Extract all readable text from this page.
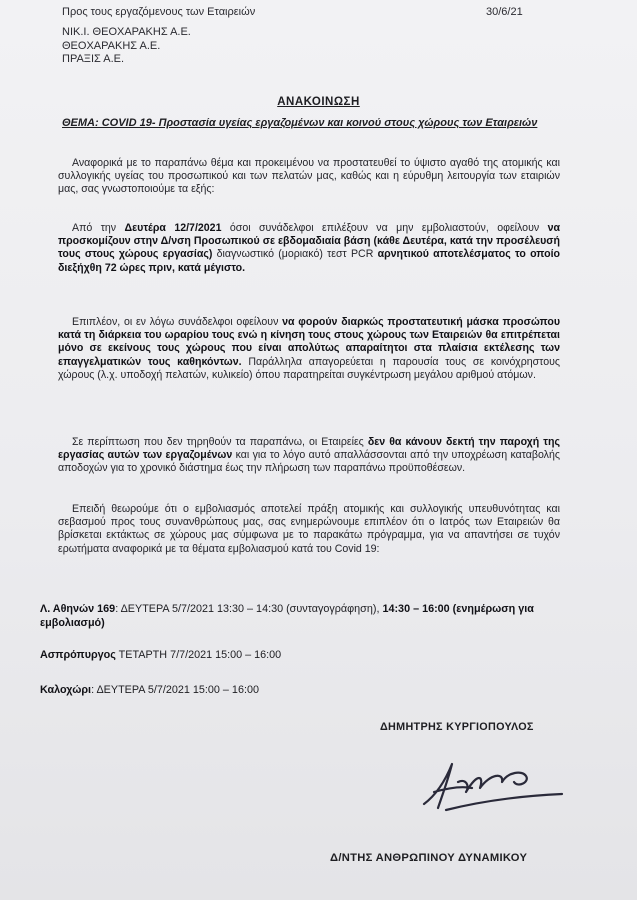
Προς τους εργαζόμενους των Εταιρειών	30/6/21

ΝΙΚ.Ι. ΘΕΟΧΑΡΑΚΗΣ Α.Ε.
ΘΕΟΧΑΡΑΚΗΣ Α.Ε.
ΠΡΑΞΙΣ Α.Ε.

ΑΝΑΚΟΙΝΩΣΗ

ΘΕΜΑ: COVID 19- Προστασία υγείας εργαζομένων και κοινού στους χώρους των Εταιρειών

Αναφορικά με το παραπάνω θέμα και προκειμένου να προστατευθεί το ύψιστο αγαθό της ατομικής και συλλογικής υγείας του προσωπικού και των πελατών μας, καθώς και η εύρυθμη λειτουργία των εταιριών μας, σας γνωστοποιούμε τα εξής:

Από την Δευτέρα 12/7/2021 όσοι συνάδελφοι επιλέξουν να μην εμβολιαστούν, οφείλουν να προσκομίζουν στην Δ/νση Προσωπικού σε εβδομαδιαία βάση (κάθε Δευτέρα, κατά την προσέλευσή τους στους χώρους εργασίας) διαγνωστικό (μοριακό) τεστ PCR αρνητικού αποτελέσματος το οποίο διεξήχθη 72 ώρες πριν, κατά μέγιστο.

Επιπλέον, οι εν λόγω συνάδελφοι οφείλουν να φορούν διαρκώς προστατευτική μάσκα προσώπου κατά τη διάρκεια του ωραρίου τους ενώ η κίνηση τους στους χώρους των Εταιρειών θα επιτρέπεται μόνο σε εκείνους τους χώρους που είναι απολύτως απαραίτητοι στα πλαίσια εκτέλεσης των επαγγελματικών τους καθηκόντων. Παράλληλα απαγορεύεται η παρουσία τους σε κοινόχρηστους χώρους (λ.χ. υποδοχή πελατών, κυλικείο) όπου παρατηρείται συγκέντρωση μεγάλου αριθμού ατόμων.

Σε περίπτωση που δεν τηρηθούν τα παραπάνω, οι Εταιρείες δεν θα κάνουν δεκτή την παροχή της εργασίας αυτών των εργαζομένων και για το λόγο αυτό απαλλάσσονται από την υποχρέωση καταβολής αποδοχών για το χρονικό διάστημα έως την πλήρωση των παραπάνω προϋποθέσεων.

Επειδή θεωρούμε ότι ο εμβολιασμός αποτελεί πράξη ατομικής και συλλογικής υπευθυνότητας και σεβασμού προς τους συνανθρώπους μας, σας ενημερώνουμε επιπλέον ότι ο Ιατρός των Εταιρειών θα βρίσκεται εκτάκτως σε χώρους μας σύμφωνα με το παρακάτω πρόγραμμα, για να απαντήσει σε τυχόν ερωτήματα αναφορικά με τα θέματα εμβολιασμού κατά του Covid 19:

Λ. Αθηνών 169: ΔΕΥΤΕΡΑ 5/7/2021 13:30 – 14:30 (συνταγογράφηση), 14:30 – 16:00 (ενημέρωση για εμβολιασμό)

Ασπρόπυργος ΤΕΤΑΡΤΗ 7/7/2021 15:00 – 16:00

Καλοχώρι: ΔΕΥΤΕΡΑ 5/7/2021 15:00 – 16:00

ΔΗΜΗΤΡΗΣ ΚΥΡΓΙΟΠΟΥΛΟΣ

Δ/ΝΤΗΣ ΑΝΘΡΩΠΙΝΟΥ ΔΥΝΑΜΙΚΟΥ
